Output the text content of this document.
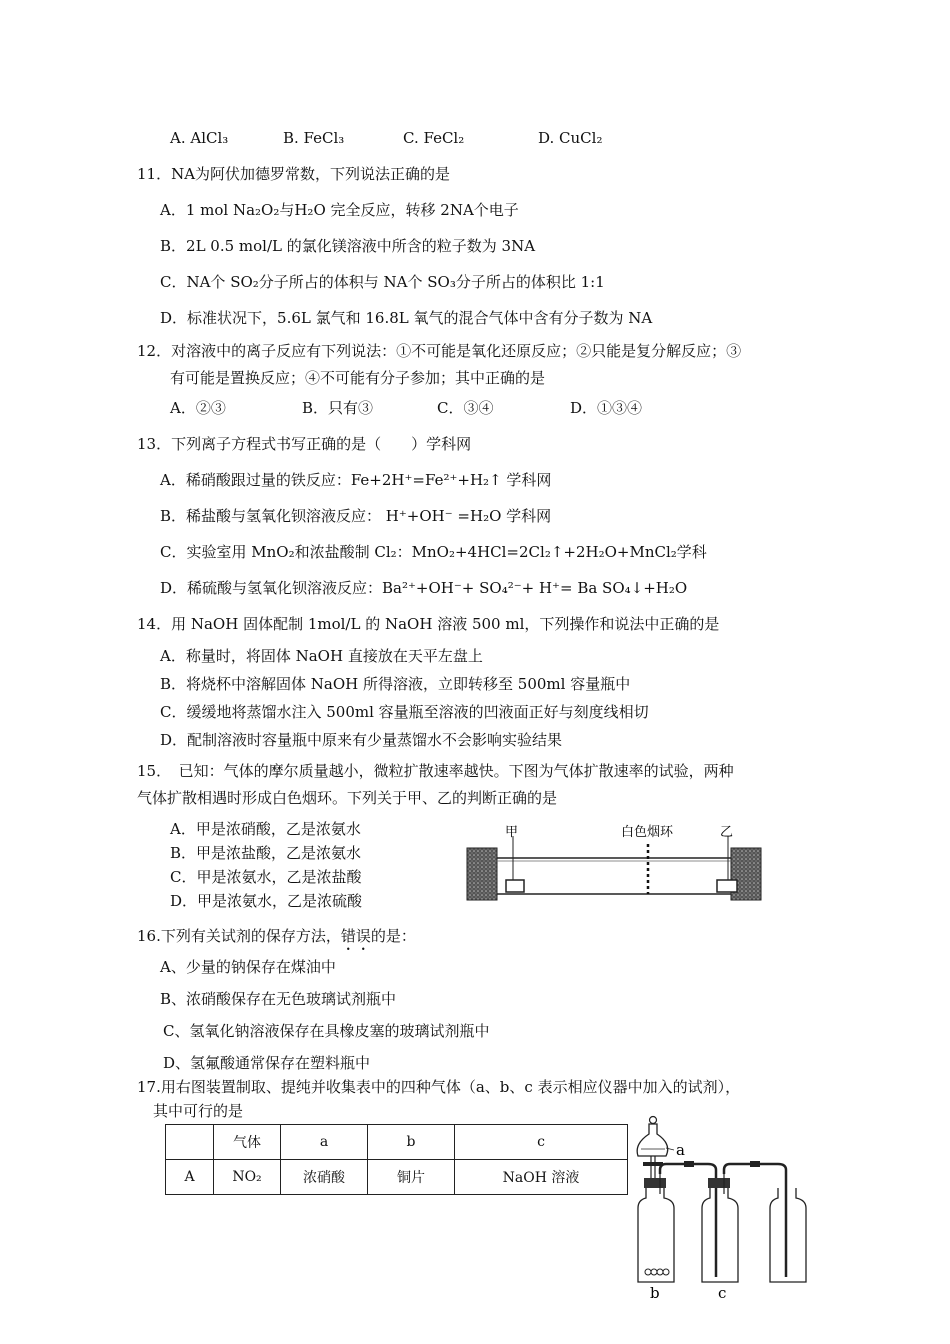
A. AlCl₃	B. FeCl₃	C. FeCl₂	D. CuCl₂
11．NA为阿伏加德罗常数，下列说法正确的是
A．1 mol Na₂O₂与H₂O 完全反应，转移 2NA个电子
B．2L 0.5 mol/L 的氯化镁溶液中所含的粒子数为 3NA
C．NA个 SO₂分子所占的体积与 NA个 SO₃分子所占的体积比 1:1
D．标准状况下，5.6L 氯气和 16.8L 氧气的混合气体中含有分子数为 NA
12．对溶液中的离子反应有下列说法：①不可能是氧化还原反应；②只能是复分解反应；③
有可能是置换反应；④不可能有分子参加；其中正确的是
A．②③	B．只有③	C．③④	D．①③④
13．下列离子方程式书写正确的是（　　）学科网
A．稀硝酸跟过量的铁反应：Fe+2H⁺=Fe²⁺+H₂↑ 学科网
B．稀盐酸与氢氧化钡溶液反应： H⁺+OH⁻ =H₂O 学科网
C．实验室用 MnO₂和浓盐酸制 Cl₂：MnO₂+4HCl=2Cl₂↑+2H₂O+MnCl₂学科
D．稀硫酸与氢氧化钡溶液反应：Ba²⁺+OH⁻+ SO₄²⁻+ H⁺= Ba SO₄↓+H₂O
14．用 NaOH 固体配制 1mol/L 的 NaOH 溶液 500 ml，下列操作和说法中正确的是
A．称量时，将固体 NaOH 直接放在天平左盘上
B．将烧杯中溶解固体 NaOH 所得溶液，立即转移至 500ml 容量瓶中
C．缓缓地将蒸馏水注入 500ml 容量瓶至溶液的凹液面正好与刻度线相切
D．配制溶液时容量瓶中原来有少量蒸馏水不会影响实验结果
15．　已知：气体的摩尔质量越小，微粒扩散速率越快。下图为气体扩散速率的试验，两种
气体扩散相遇时形成白色烟环。下列关于甲、乙的判断正确的是
A．甲是浓硝酸，乙是浓氨水
B．甲是浓盐酸，乙是浓氨水
C．甲是浓氨水，乙是浓盐酸
D．甲是浓氨水，乙是浓硫酸
甲	白色烟环	乙
16.下列有关试剂的保存方法，错误的是：
A、少量的钠保存在煤油中
B、浓硝酸保存在无色玻璃试剂瓶中
C、氢氧化钠溶液保存在具橡皮塞的玻璃试剂瓶中
D、氢氟酸通常保存在塑料瓶中
17.用右图装置制取、提纯并收集表中的四种气体（a、b、c 表示相应仪器中加入的试剂），
其中可行的是
	气体	a	b	c
A	NO₂	浓硝酸	铜片	NaOH 溶液
a
b	c
